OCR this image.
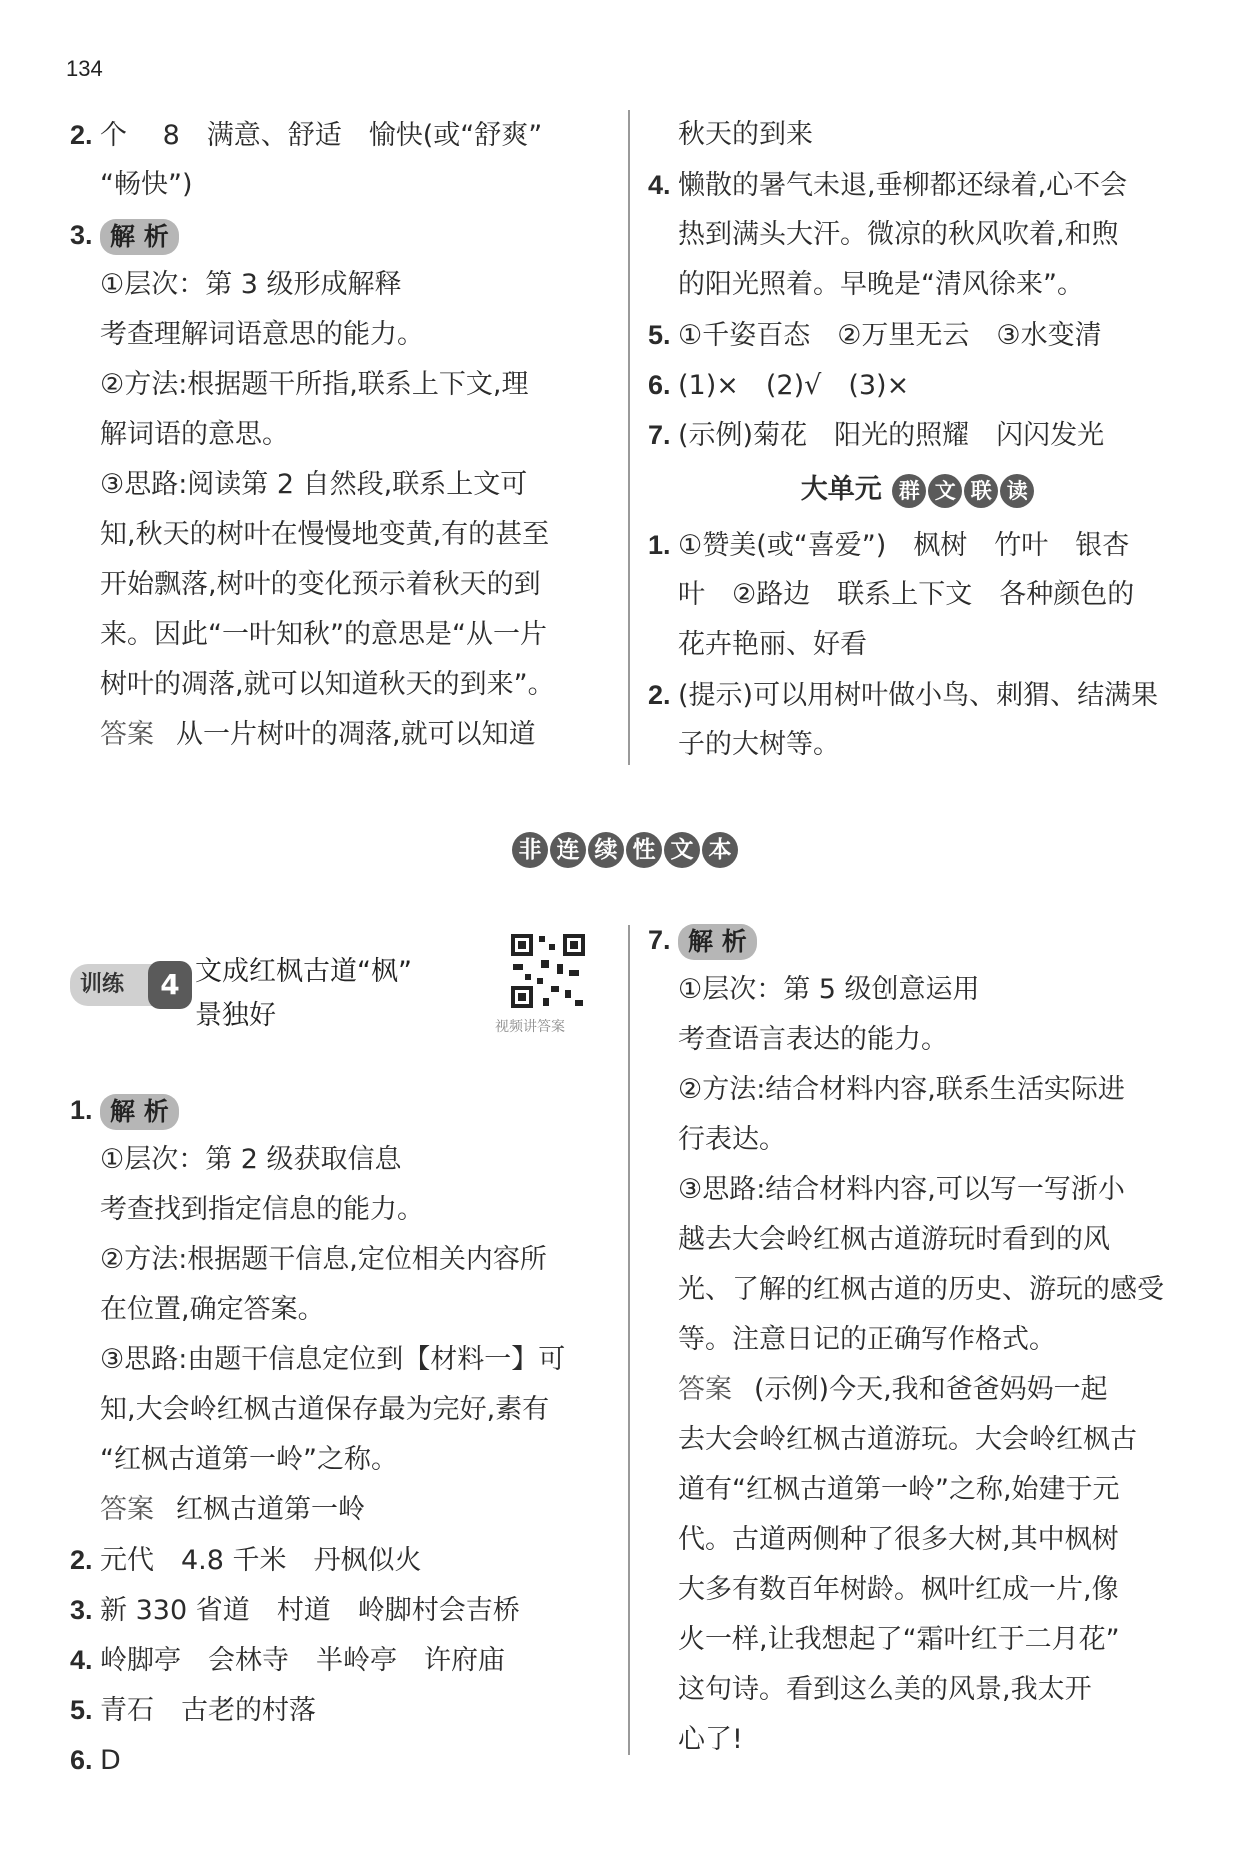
134
2. 个　 8　满意、舒适　愉快(或“舒爽”
“畅快”)
3. 解 析
①层次：第 3 级形成解释
考查理解词语意思的能力。
②方法:根据题干所指,联系上下文,理
解词语的意思。
③思路:阅读第 2 自然段,联系上文可
知,秋天的树叶在慢慢地变黄,有的甚至
开始飘落,树叶的变化预示着秋天的到
来。因此“一叶知秋”的意思是“从一片
树叶的凋落,就可以知道秋天的到来”。
答案 从一片树叶的凋落,就可以知道
秋天的到来
4. 懒散的暑气未退,垂柳都还绿着,心不会
热到满头大汗。微凉的秋风吹着,和煦
的阳光照着。早晚是“清风徐来”。
5. ①千姿百态　②万里无云　③水变清
6. (1)×　(2)√　(3)×
7. (示例)菊花　阳光的照耀　闪闪发光
大单元 群 文 联 读
1. ①赞美(或“喜爱”)　枫树　竹叶　银杏
叶　②路边　联系上下文　各种颜色的
花卉艳丽、好看
2. (提示)可以用树叶做小鸟、刺猬、结满果
子的大树等。
非 连 续 性 文 本
训练	4 文成红枫古道“枫”
景独好	视频讲答案
1. 解 析
①层次：第 2 级获取信息
考查找到指定信息的能力。
②方法:根据题干信息,定位相关内容所
在位置,确定答案。
③思路:由题干信息定位到【材料一】可
知,大会岭红枫古道保存最为完好,素有
“红枫古道第一岭”之称。
答案 红枫古道第一岭
2. 元代　4.8 千米　丹枫似火
3. 新 330 省道　村道　岭脚村会吉桥
4. 岭脚亭　会林寺　半岭亭　许府庙
5. 青石　古老的村落
6. D
7. 解 析
①层次：第 5 级创意运用
考查语言表达的能力。
②方法:结合材料内容,联系生活实际进
行表达。
③思路:结合材料内容,可以写一写浙小
越去大会岭红枫古道游玩时看到的风
光、了解的红枫古道的历史、游玩的感受
等。注意日记的正确写作格式。
答案 (示例)今天,我和爸爸妈妈一起
去大会岭红枫古道游玩。大会岭红枫古
道有“红枫古道第一岭”之称,始建于元
代。古道两侧种了很多大树,其中枫树
大多有数百年树龄。枫叶红成一片,像
火一样,让我想起了“霜叶红于二月花”
这句诗。看到这么美的风景,我太开
心了!
